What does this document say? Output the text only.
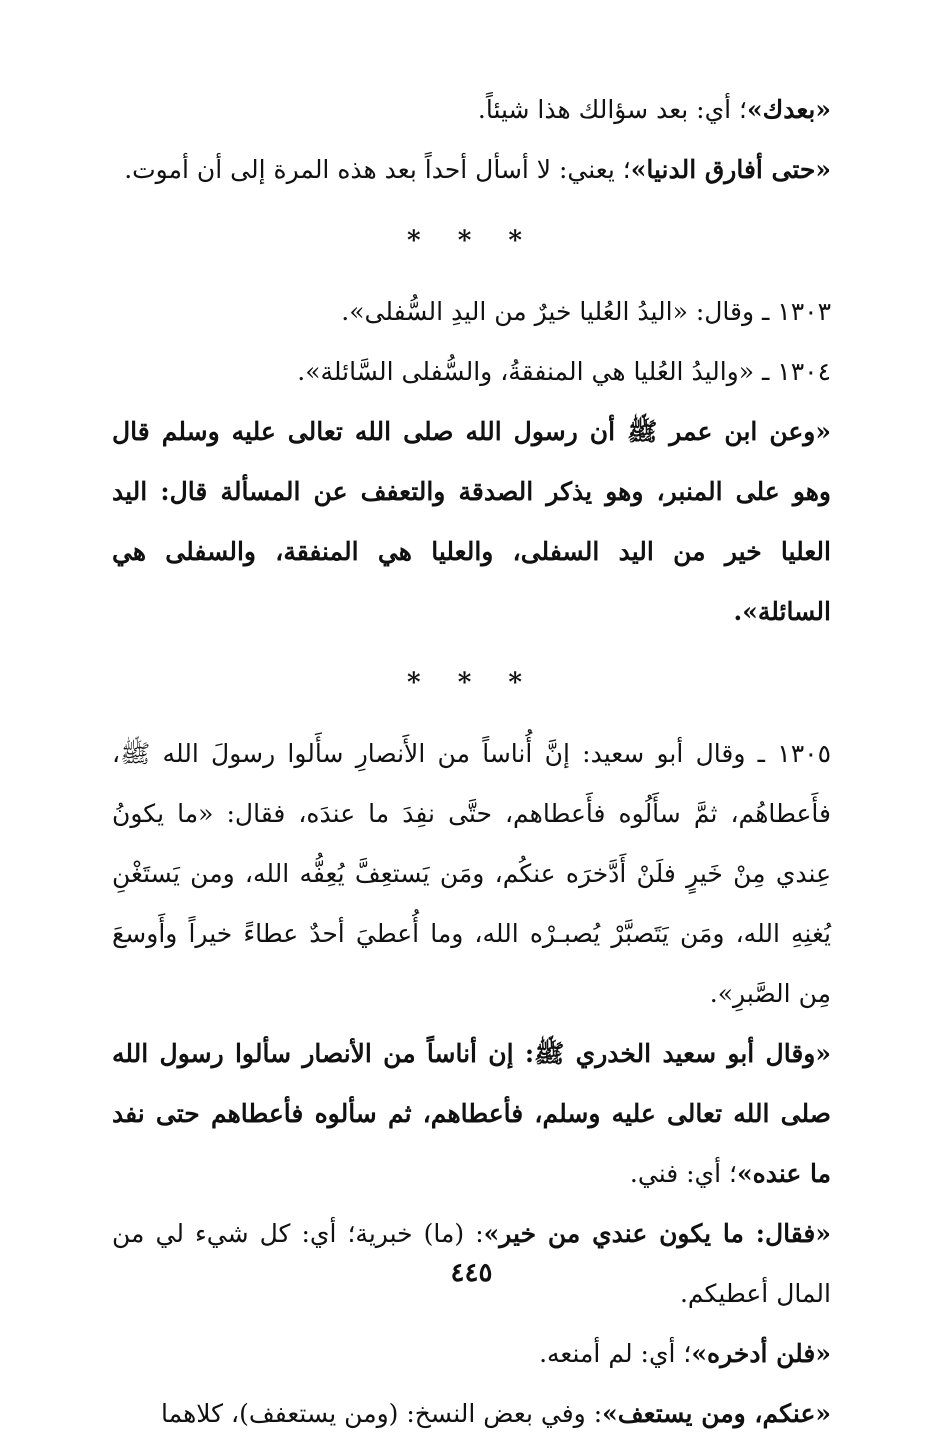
«بعدك»؛ أي: بعد سؤالك هذا شيئاً.

«حتى أفارق الدنيا»؛ يعني: لا أسأل أحداً بعد هذه المرة إلى أن أموت.

* * *

١٣٠٣ ـ وقال: «اليدُ العُليا خيرٌ من اليدِ السُّفلى».

١٣٠٤ ـ «واليدُ العُليا هي المنفقةُ، والسُّفلى السَّائلة».

«وعن ابن عمر ﷺ أن رسول الله صلى الله تعالى عليه وسلم قال وهو على المنبر، وهو يذكر الصدقة والتعفف عن المسألة قال: اليد العليا خير من اليد السفلى، والعليا هي المنفقة، والسفلى هي السائلة».

* * *

١٣٠٥ ـ وقال أبو سعيد: إنَّ أُناساً من الأَنصارِ سأَلوا رسولَ الله ﷺ، فأَعطاهُم، ثمَّ سأَلُوه فأَعطاهم، حتَّى نفِدَ ما عندَه، فقال: «ما يكونُ عِندي مِنْ خَيرٍ فلَنْ أَدَّخرَه عنكُم، ومَن يَستعِفَّ يُعِفُّه الله، ومن يَستَغْنِ يُغنِهِ الله، ومَن يَتَصبَّرْ يُصبـرْه الله، وما أُعطيَ أحدٌ عطاءً خيراً وأَوسعَ مِن الصَّبرِ».

«وقال أبو سعيد الخدري ﷺ: إن أناساً من الأنصار سألوا رسول الله صلى الله تعالى عليه وسلم، فأعطاهم، ثم سألوه فأعطاهم حتى نفد ما عنده»؛ أي: فني.

«فقال: ما يكون عندي من خير»: (ما) خبرية؛ أي: كل شيء لي من المال أعطيكم.

«فلن أدخره»؛ أي: لم أمنعه.

«عنكم، ومن يستعف»: وفي بعض النسخ: (ومن يستعفف)، كلاهما

٤٤٥
